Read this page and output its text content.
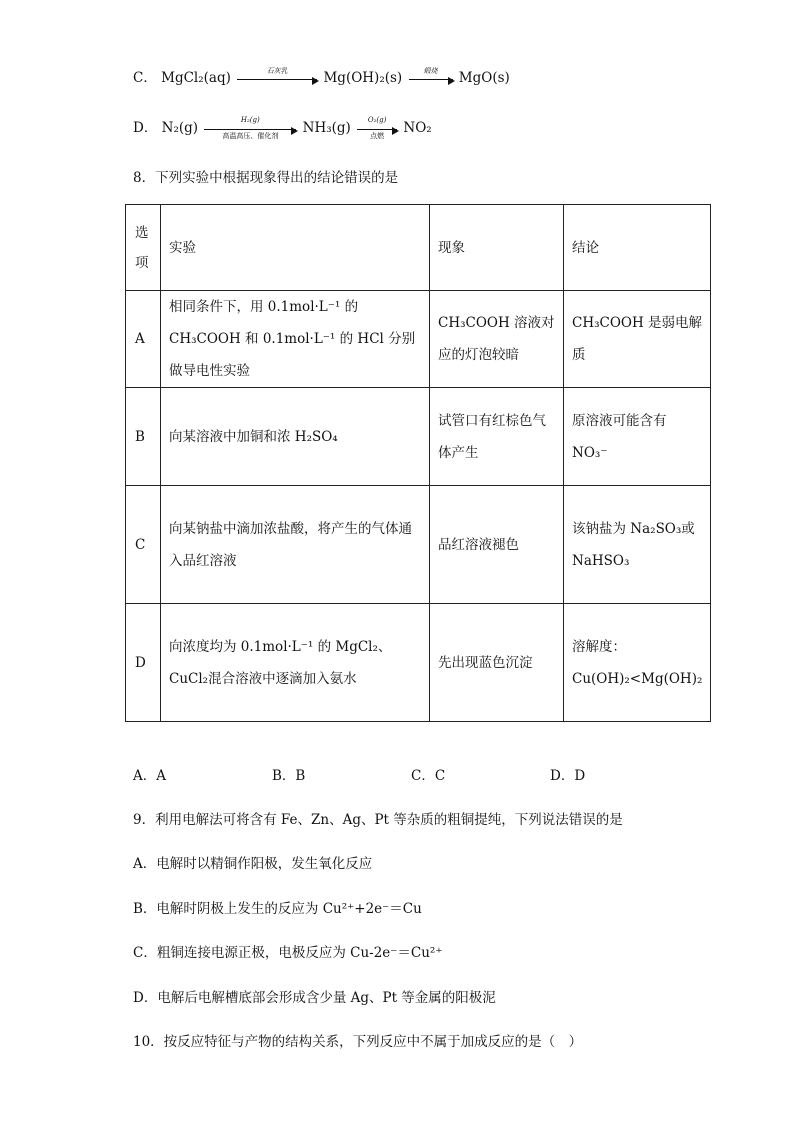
C． MgCl₂(aq)	石灰乳	Mg(OH)₂(s)	煅烧	MgO(s)
D． N₂(g)	H₂(g)
高温高压、催化剂	NH₃(g)	O₂(g)
点燃	NO₂
8．下列实验中根据现象得出的结论错误的是
选项	实验	现象	结论
A	相同条件下，用 0.1mol·L⁻¹ 的 CH₃COOH 和 0.1mol·L⁻¹ 的 HCl 分别做导电性实验	CH₃COOH 溶液对应的灯泡较暗	CH₃COOH 是弱电解质
B	向某溶液中加铜和浓 H₂SO₄	试管口有红棕色气体产生	原溶液可能含有 NO₃⁻
C	向某钠盐中滴加浓盐酸，将产生的气体通入品红溶液	品红溶液褪色	该钠盐为 Na₂SO₃或 NaHSO₃
D	向浓度均为 0.1mol·L⁻¹ 的 MgCl₂、CuCl₂混合溶液中逐滴加入氨水	先出现蓝色沉淀	溶解度：Cu(OH)₂<Mg(OH)₂
A．A	B．B	C．C	D．D
9．利用电解法可将含有 Fe、Zn、Ag、Pt 等杂质的粗铜提纯，下列说法错误的是
A．电解时以精铜作阳极，发生氧化反应
B．电解时阴极上发生的反应为 Cu²⁺+2e⁻＝Cu
C．粗铜连接电源正极，电极反应为 Cu-2e⁻＝Cu²⁺
D．电解后电解槽底部会形成含少量 Ag、Pt 等金属的阳极泥
10．按反应特征与产物的结构关系，下列反应中不属于加成反应的是（　）
